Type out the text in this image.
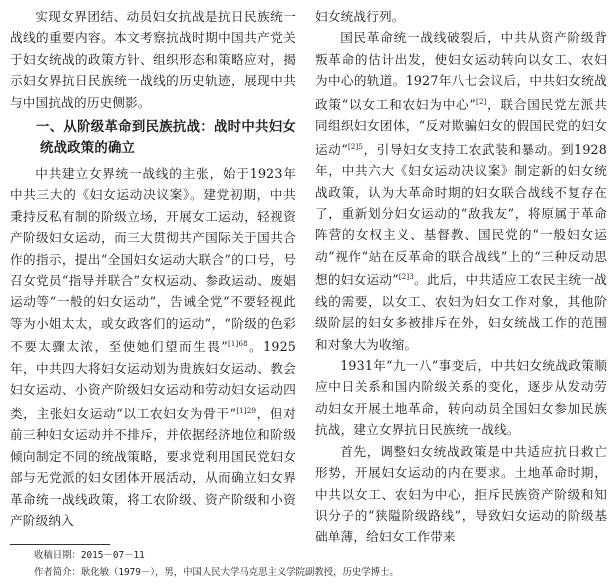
实现女界团结、动员妇女抗战是抗日民族统一战线的重要内容。本文考察抗战时期中国共产党关于妇女统战的政策方针、组织形态和策略应对，揭示妇女界抗日民族统一战线的历史轨迹，展现中共与中国抗战的历史侧影。

一、从阶级革命到民族抗战：战时中共妇女统战政策的确立

中共建立女界统一战线的主张，始于1923年中共三大的《妇女运动决议案》。建党初期，中共秉持反私有制的阶级立场，开展女工运动，轻视资产阶级妇女运动，而三大贯彻共产国际关于国共合作的指示，提出“全国妇女运动大联合”的口号，号召女党员“指导并联合”女权运动、参政运动、废娼运动等“一般的妇女运动”，告诫全党“不要轻视此等为小姐太太，或女政客们的运动”，“阶级的色彩不要太骤太浓，至使她们望而生畏”$^{[1]68}$。1925年，中共四大将妇女运动划为贵族妇女运动、教会妇女运动、小资产阶级妇女运动和劳动妇女运动四类，主张妇女运动“以工农妇女为骨干”$^{[1]29}$，但对前三种妇女运动并不排斥，并依据经济地位和阶级倾向制定不同的统战策略，要求党利用国民党妇女部与无党派的妇女团体开展活动，从而确立妇女界革命统一战线政策，将工农阶级、资产阶级和小资产阶级纳入

妇女统战行列。

国民革命统一战线破裂后，中共从资产阶级背叛革命的估计出发，使妇女运动转向以女工、农妇为中心的轨道。1927年八七会议后，中共妇女统战政策“以女工和农妇为中心”[2]，联合国民党左派共同组织妇女团体，“反对欺骗妇女的假国民党的妇女运动”$^{[2]5}$，引导妇女支持工农武装和暴动。到1928年，中共六大《妇女运动决议案》制定新的妇女统战政策，认为大革命时期的妇女联合战线不复存在了，重新划分妇女运动的“敌我友”，将原属于革命阵营的女权主义、基督教、国民党的“一般妇女运动”视作“站在反革命的联合战线”上的“三种反动思想的妇女运动”$^{[2]3}$。此后，中共适应工农民主统一战线的需要，以女工、农妇为妇女工作对象，其他阶级阶层的妇女多被排斥在外，妇女统战工作的范围和对象大为收缩。

1931年“九一八”事变后，中共妇女统战政策顺应中日关系和国内阶级关系的变化，逐步从发动劳动妇女开展土地革命，转向动员全国妇女参加民族抗战，建立女界抗日民族统一战线。

首先，调整妇女统战政策是中共适应抗日救亡形势，开展妇女运动的内在要求。土地革命时期，中共以女工、农妇为中心，拒斥民族资产阶级和知识分子的“狭隘阶级路线”，导致妇女运动的阶级基础单薄，给妇女工作带来

收稿日期：2015－07－11

作者简介：耿化敏（1979－），男，中国人民大学马克思主义学院副教授，历史学博士。
